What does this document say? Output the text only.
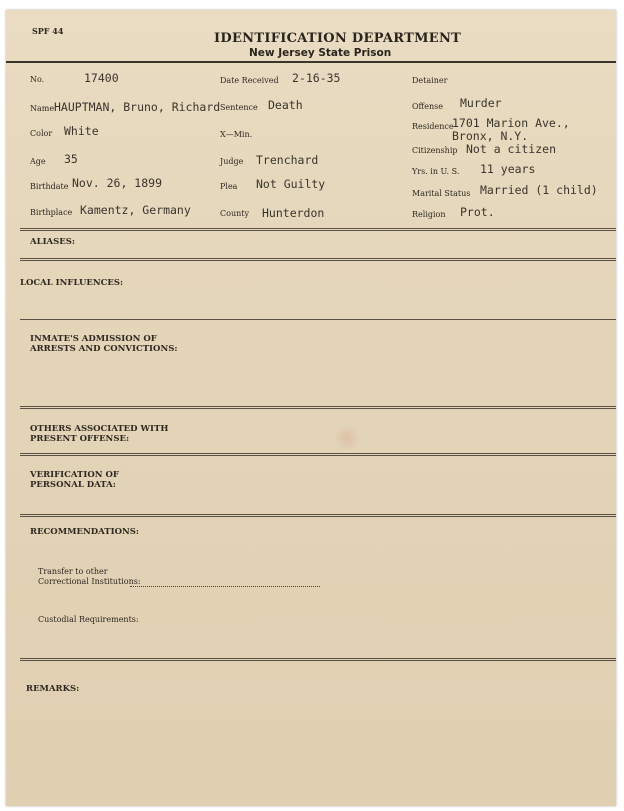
SPF 44	IDENTIFICATION DEPARTMENT
New Jersey State Prison
No.	17400
Name HAUPTMAN, Bruno, Richard
Color White
Age 35
Birthdate Nov. 26, 1899
Birthplace Kamentz, Germany
Date Received 2-16-35
Sentence Death
X—Min.
Judge Trenchard
Plea Not Guilty
County Hunterdon
Detainer
Offense Murder
Residence
1701 Marion Ave.,
Bronx, N.Y.
Citizenship Not a citizen
Yrs. in U. S. 11 years
Marital Status Married (1 child)
Religion Prot.
ALIASES:
LOCAL INFLUENCES:
INMATE'S ADMISSION OF
ARRESTS AND CONVICTIONS:
OTHERS ASSOCIATED WITH
PRESENT OFFENSE:
VERIFICATION OF
PERSONAL DATA:
RECOMMENDATIONS:
Transfer to other
Correctional Institutions:
Custodial Requirements:
REMARKS:
